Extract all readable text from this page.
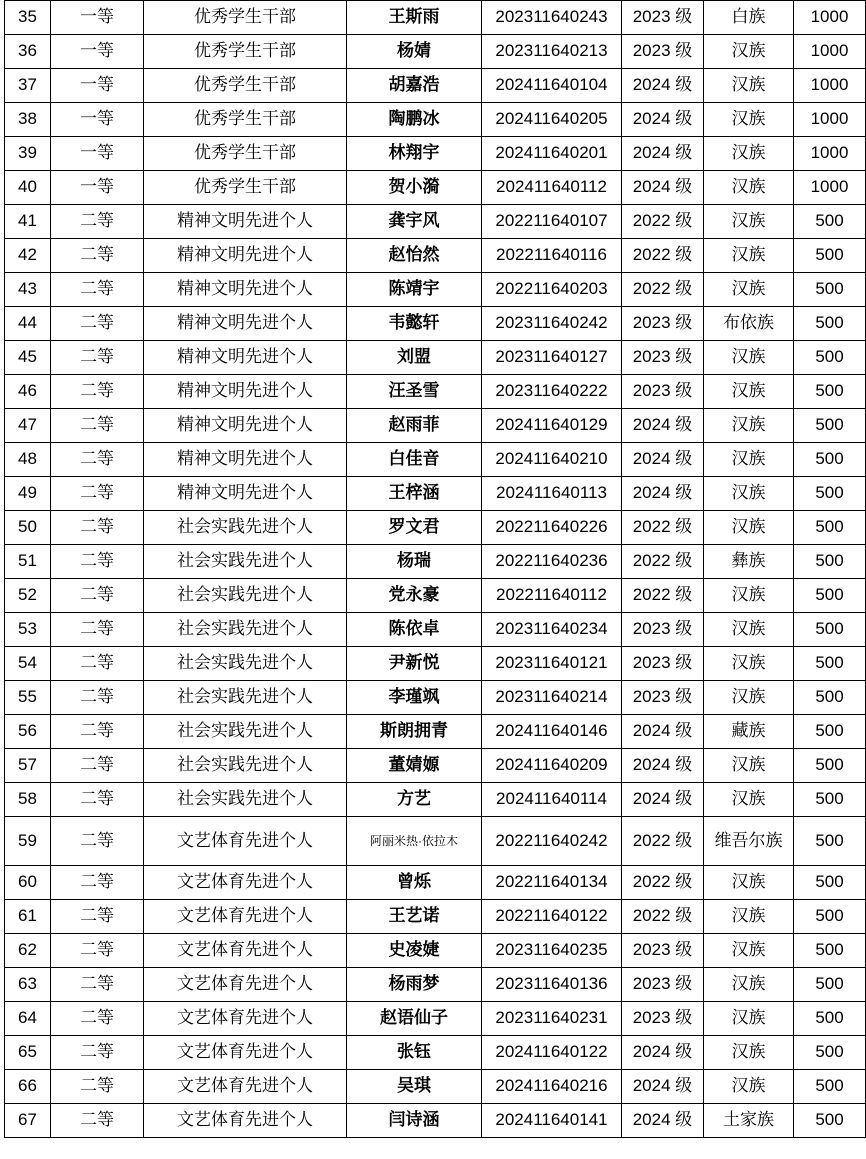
35	一等	优秀学生干部	王斯雨	202311640243	2023 级	白族	1000
36	一等	优秀学生干部	杨婧	202311640213	2023 级	汉族	1000
37	一等	优秀学生干部	胡嘉浩	202411640104	2024 级	汉族	1000
38	一等	优秀学生干部	陶鹏冰	202411640205	2024 级	汉族	1000
39	一等	优秀学生干部	林翔宇	202411640201	2024 级	汉族	1000
40	一等	优秀学生干部	贺小漪	202411640112	2024 级	汉族	1000
41	二等	精神文明先进个人	龚宇风	202211640107	2022 级	汉族	500
42	二等	精神文明先进个人	赵怡然	202211640116	2022 级	汉族	500
43	二等	精神文明先进个人	陈靖宇	202211640203	2022 级	汉族	500
44	二等	精神文明先进个人	韦懿轩	202311640242	2023 级	布依族	500
45	二等	精神文明先进个人	刘盟	202311640127	2023 级	汉族	500
46	二等	精神文明先进个人	汪圣雪	202311640222	2023 级	汉族	500
47	二等	精神文明先进个人	赵雨菲	202411640129	2024 级	汉族	500
48	二等	精神文明先进个人	白佳音	202411640210	2024 级	汉族	500
49	二等	精神文明先进个人	王梓涵	202411640113	2024 级	汉族	500
50	二等	社会实践先进个人	罗文君	202211640226	2022 级	汉族	500
51	二等	社会实践先进个人	杨瑞	202211640236	2022 级	彝族	500
52	二等	社会实践先进个人	党永豪	202211640112	2022 级	汉族	500
53	二等	社会实践先进个人	陈依卓	202311640234	2023 级	汉族	500
54	二等	社会实践先进个人	尹新悦	202311640121	2023 级	汉族	500
55	二等	社会实践先进个人	李瑾飒	202311640214	2023 级	汉族	500
56	二等	社会实践先进个人	斯朗拥青	202411640146	2024 级	藏族	500
57	二等	社会实践先进个人	董婧嫄	202411640209	2024 级	汉族	500
58	二等	社会实践先进个人	方艺	202411640114	2024 级	汉族	500
59	二等	文艺体育先进个人	阿丽米热·依拉木	202211640242	2022 级	维吾尔族	500
60	二等	文艺体育先进个人	曾烁	202211640134	2022 级	汉族	500
61	二等	文艺体育先进个人	王艺诺	202211640122	2022 级	汉族	500
62	二等	文艺体育先进个人	史凌婕	202311640235	2023 级	汉族	500
63	二等	文艺体育先进个人	杨雨梦	202311640136	2023 级	汉族	500
64	二等	文艺体育先进个人	赵语仙子	202311640231	2023 级	汉族	500
65	二等	文艺体育先进个人	张钰	202411640122	2024 级	汉族	500
66	二等	文艺体育先进个人	吴琪	202411640216	2024 级	汉族	500
67	二等	文艺体育先进个人	闫诗涵	202411640141	2024 级	土家族	500
